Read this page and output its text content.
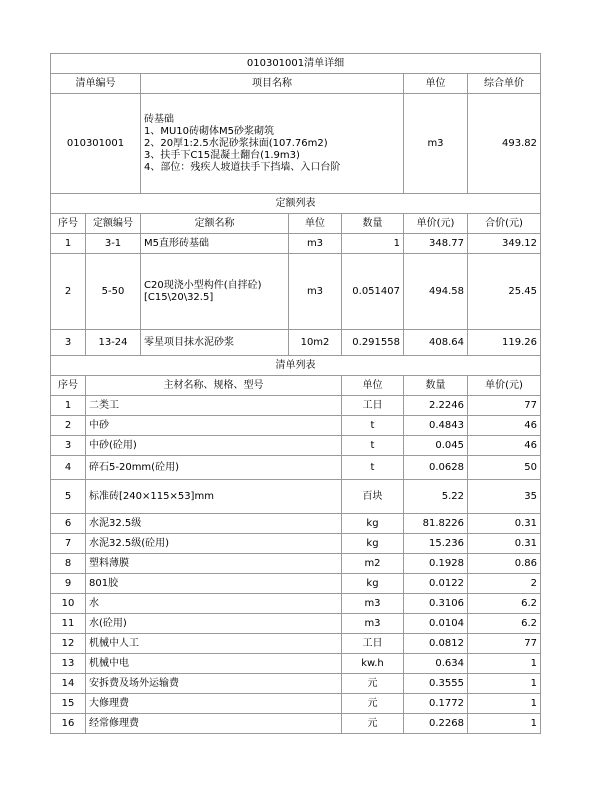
010301001清单详细							
清单编号		项目名称			单位	综合单价	
010301001		砖基础
1、MU10砖砌体M5砂浆砌筑
2、20厚1:2.5水泥砂浆抹面(107.76m2)
3、扶手下C15混凝土翻台(1.9m3)
4、部位：残疾人坡道扶手下挡墙、入口台阶			m3	493.82	
定额列表							
序号	定额编号	定额名称	单位	数量	单价(元)	合价(元)	
1	3-1	M5直形砖基础	m3	1	348.77	349.12	
2	5-50	C20现浇小型构件(自拌砼)[C15\20\32.5]	m3	0.051407	494.58	25.45	
3	13-24	零星项目抹水泥砂浆	10m2	0.291558	408.64	119.26	
清单列表							
序号	主材名称、规格、型号			单位	数量	单价(元)	
1	二类工			工日	2.2246	77	
2	中砂			t	0.4843	46	
3	中砂(砼用)			t	0.045	46	
4	碎石5-20mm(砼用)			t	0.0628	50	
5	标准砖[240×115×53]mm			百块	5.22	35	
6	水泥32.5级			kg	81.8226	0.31	
7	水泥32.5级(砼用)			kg	15.236	0.31	
8	塑料薄膜			m2	0.1928	0.86	
9	801胶			kg	0.0122	2	
10	水			m3	0.3106	6.2	
11	水(砼用)			m3	0.0104	6.2	
12	机械中人工			工日	0.0812	77	
13	机械中电			kw.h	0.634	1	
14	安拆费及场外运输费			元	0.3555	1	
15	大修理费			元	0.1772	1	
16	经常修理费			元	0.2268	1	
